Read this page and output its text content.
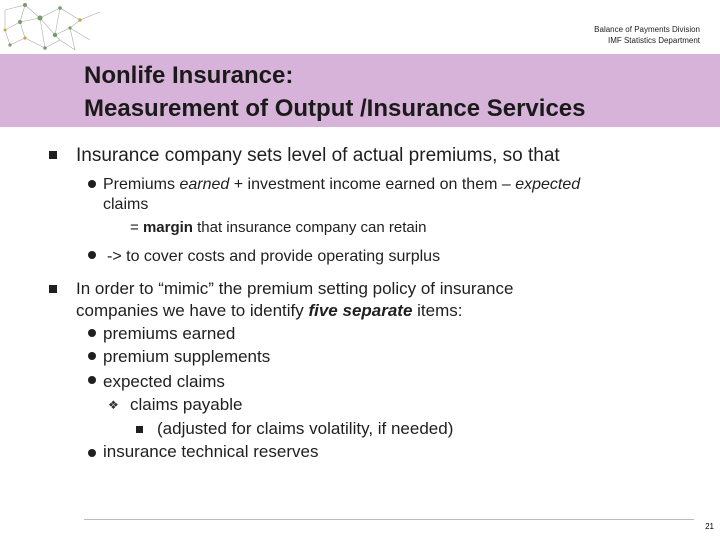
Balance of Payments Division
IMF Statistics Department
Nonlife Insurance:
Measurement of Output /Insurance Services
Insurance company sets level of actual premiums, so that
Premiums earned + investment income earned on them – expected
claims
= margin that insurance company can retain
-> to cover costs and provide operating surplus
In order to “mimic” the premium setting policy of insurance
companies we have to identify five separate items:
premiums earned
premium supplements
expected claims
❖ claims payable
(adjusted for claims volatility, if needed)
insurance technical reserves
21
